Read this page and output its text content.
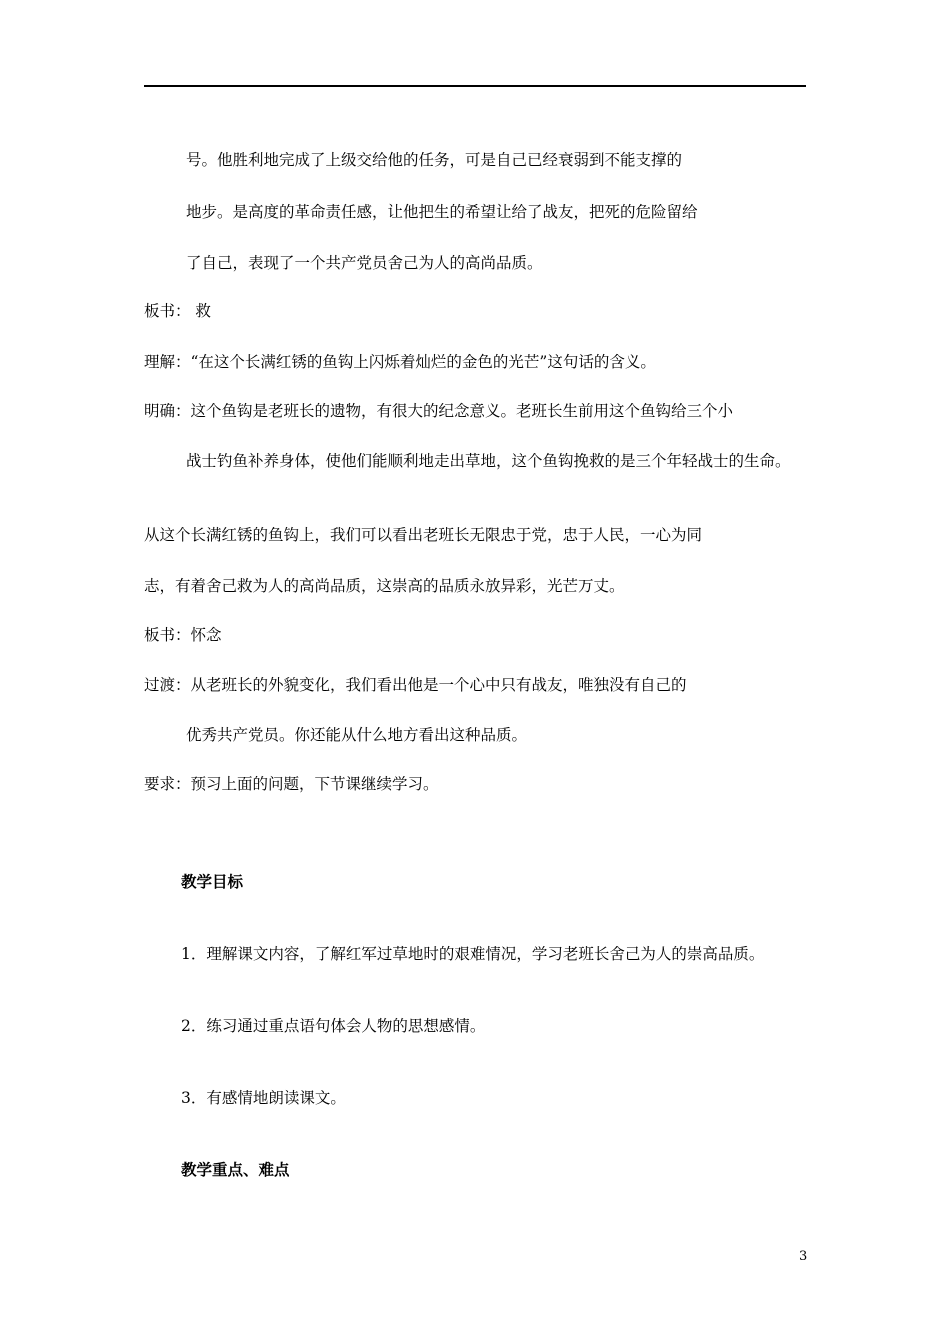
号。他胜利地完成了上级交给他的任务，可是自己已经衰弱到不能支撑的
地步。是高度的革命责任感，让他把生的希望让给了战友，把死的危险留给
了自己，表现了一个共产党员舍己为人的高尚品质。
板书： 救
理解：“在这个长满红锈的鱼钩上闪烁着灿烂的金色的光芒”这句话的含义。
明确：这个鱼钩是老班长的遗物，有很大的纪念意义。老班长生前用这个鱼钩给三个小
战士钓鱼补养身体，使他们能顺利地走出草地，这个鱼钩挽救的是三个年轻战士的生命。
从这个长满红锈的鱼钩上，我们可以看出老班长无限忠于党，忠于人民，一心为同
志，有着舍己救为人的高尚品质，这崇高的品质永放异彩，光芒万丈。
板书：怀念
过渡：从老班长的外貌变化，我们看出他是一个心中只有战友，唯独没有自己的
优秀共产党员。你还能从什么地方看出这种品质。
要求：预习上面的问题，下节课继续学习。
教学目标
1．理解课文内容，了解红军过草地时的艰难情况，学习老班长舍己为人的崇高品质。
2．练习通过重点语句体会人物的思想感情。
3．有感情地朗读课文。
教学重点、难点
3
